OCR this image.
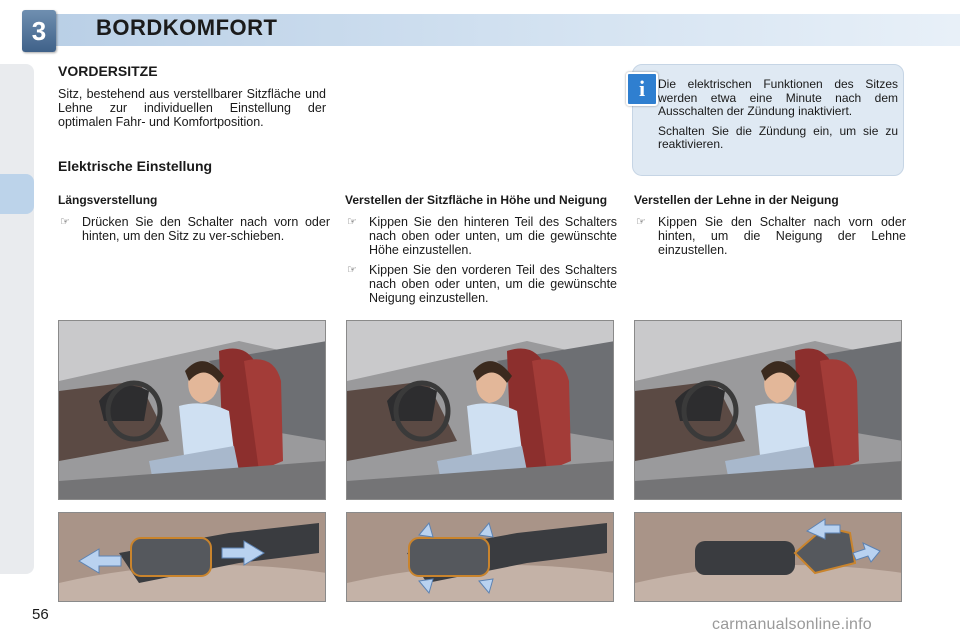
3	BORDKOMFORT
VORDERSITZE
Sitz, bestehend aus verstellbarer Sitzfläche und Lehne zur individuellen Einstellung der optimalen Fahr- und Komfortposition.
Elektrische Einstellung
i	Die elektrischen Funktionen des Sitzes werden etwa eine Minute nach dem Ausschalten der Zündung inaktiviert.

Schalten Sie die Zündung ein, um sie zu reaktivieren.

Längsverstellung
☞ Drücken Sie den Schalter nach vorn oder hinten, um den Sitz zu ver-schieben.
Verstellen der Sitzfläche in Höhe und Neigung
☞ Kippen Sie den hinteren Teil des Schalters nach oben oder unten, um die gewünschte Höhe einzustellen.
☞ Kippen Sie den vorderen Teil des Schalters nach oben oder unten, um die gewünschte Neigung einzustellen.
Verstellen der Lehne in der Neigung
☞ Kippen Sie den Schalter nach vorn oder hinten, um die Neigung der Lehne einzustellen.
56
carmanualsonline.info
